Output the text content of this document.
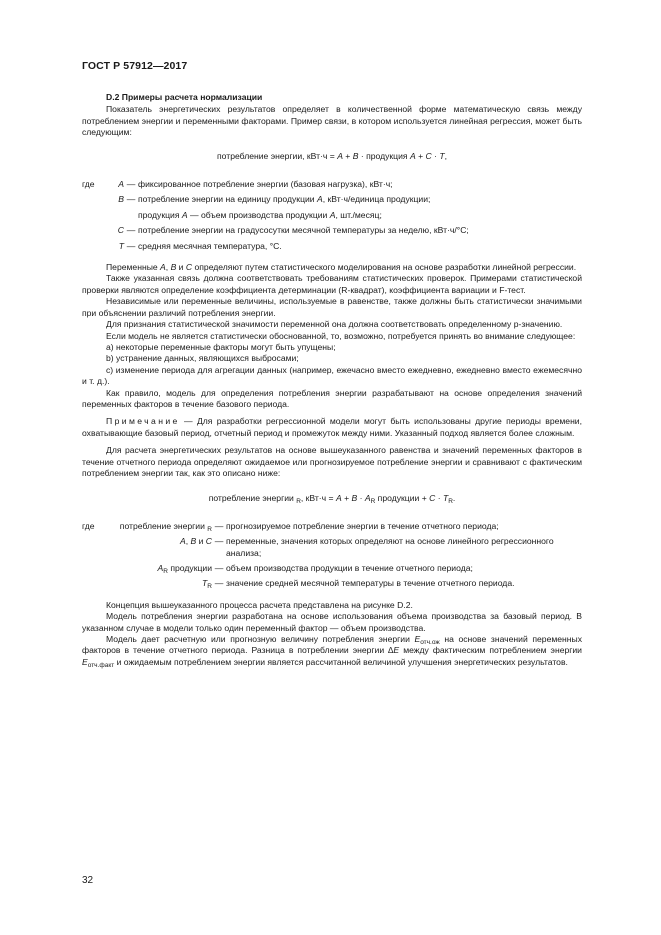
ГОСТ Р 57912—2017

D.2 Примеры расчета нормализации

Показатель энергетических результатов определяет в количественной форме математическую связь между потреблением энергии и переменными факторами. Пример связи, в котором используется линейная регрессия, может быть следующим:

потребление энергии, кВт·ч = A + B · продукция A + C · T,

где	A — фиксированное потребление энергии (базовая нагрузка), кВт·ч;
B — потребление энергии на единицу продукции A, кВт·ч/единица продукции;
продукция A — объем производства продукции A, шт./месяц;
C — потребление энергии на градусосутки месячной температуры за неделю, кВт·ч/°С;
T — средняя месячная температура, °С.

Переменные A, B и C определяют путем статистического моделирования на основе разработки линейной регрессии.

Также указанная связь должна соответствовать требованиям статистических проверок. Примерами статистической проверки являются определение коэффициента детерминации (R-квадрат), коэффициента вариации и F-тест.

Независимые или переменные величины, используемые в равенстве, также должны быть статистически значимыми при объяснении различий потребления энергии.

Для признания статистической значимости переменной она должна соответствовать определенному p-значению.

Если модель не является статистически обоснованной, то, возможно, потребуется принять во внимание следующее:

а) некоторые переменные факторы могут быть упущены;

b) устранение данных, являющихся выбросами;

с) изменение периода для агрегации данных (например, ежечасно вместо ежедневно, ежедневно вместо ежемесячно и т. д.).

Как правило, модель для определения потребления энергии разрабатывают на основе определения значений переменных факторов в течение базового периода.

Примечание — Для разработки регрессионной модели могут быть использованы другие периоды времени, охватывающие базовый период, отчетный период и промежуток между ними. Указанный подход является более сложным.

Для расчета энергетических результатов на основе вышеуказанного равенства и значений переменных факторов в течение отчетного периода определяют ожидаемое или прогнозируемое потребление энергии и сравнивают с фактическим потреблением энергии так, как это описано ниже:

потребление энергии $_R$, $кВт\cdot ч = A + B \cdot A_R$ продукции + $C \cdot T_R$.

где	потребление энергии $_R$ — прогнозируемое потребление энергии в течение отчетного периода;
A, B и C — переменные, значения которых определяют на основе линейного регрессионного анализа;
$A_R$ продукции — объем производства продукции в течение отчетного периода;
$T_R$ — значение средней месячной температуры в течение отчетного периода.

Концепция вышеуказанного процесса расчета представлена на рисунке D.2.

Модель потребления энергии разработана на основе использования объема производства за базовый период. В указанном случае в модели только один переменный фактор — объем производства.

Модель дает расчетную или прогнозную величину потребления энергии $E_{отч.ож}$ на основе значений переменных факторов в течение отчетного периода. Разница в потреблении энергии ∆E между фактическим потреблением энергии $E_{отч.факт}$ и ожидаемым потреблением энергии является рассчитанной величиной улучшения энергетических результатов.

32
